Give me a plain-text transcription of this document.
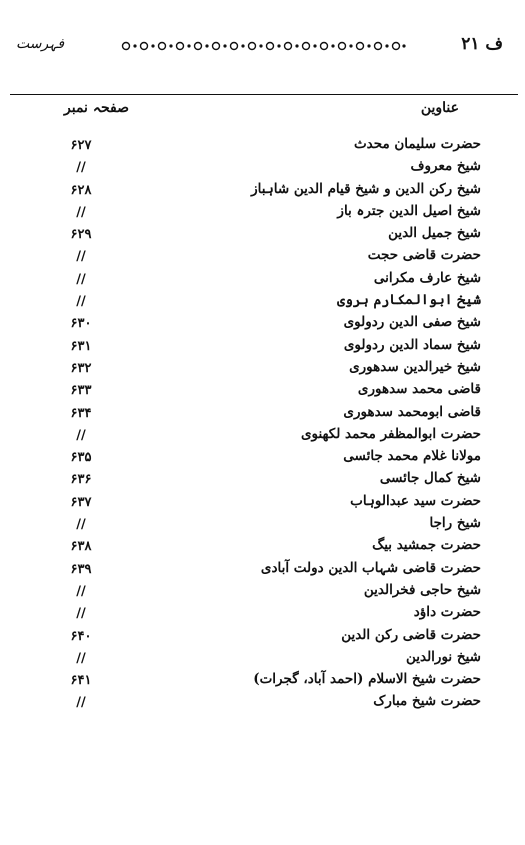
فہرست	ف ۲۱
عناوین
صفحہ نمبر
حضرت سلیمان محدث
۶۲۷
شیخ معروف
//
شیخ رکن الدین و شیخ قیام الدین شاہباز
۶۲۸
شیخ اصیل الدین جترہ باز
//
شیخ جمیل الدین
۶۲۹
حضرت قاضی حجت
//
شیخ عارف مکرانی
//
شیخ ابوالمکارم ہروی
//
شیخ صفی الدین ردولوی
۶۳۰
شیخ سماد الدین ردولوی
۶۳۱
شیخ خیرالدین سدھوری
۶۳۲
قاضی محمد سدھوری
۶۳۳
قاضی ابومحمد سدھوری
۶۳۴
حضرت ابوالمظفر محمد لکھنوی
//
مولانا غلام محمد جائسی
۶۳۵
شیخ کمال جائسی
۶۳۶
حضرت سید عبدالوہاب
۶۳۷
شیخ راجا
//
حضرت جمشید بیگ
۶۳۸
حضرت قاضی شہاب الدین دولت آبادی
۶۳۹
شیخ حاجی فخرالدین
//
حضرت داؤد
//
حضرت قاضی رکن الدین
۶۴۰
شیخ نورالدین
//
حضرت شیخ الاسلام (احمد آباد، گجرات)
۶۴۱
حضرت شیخ مبارک
//
